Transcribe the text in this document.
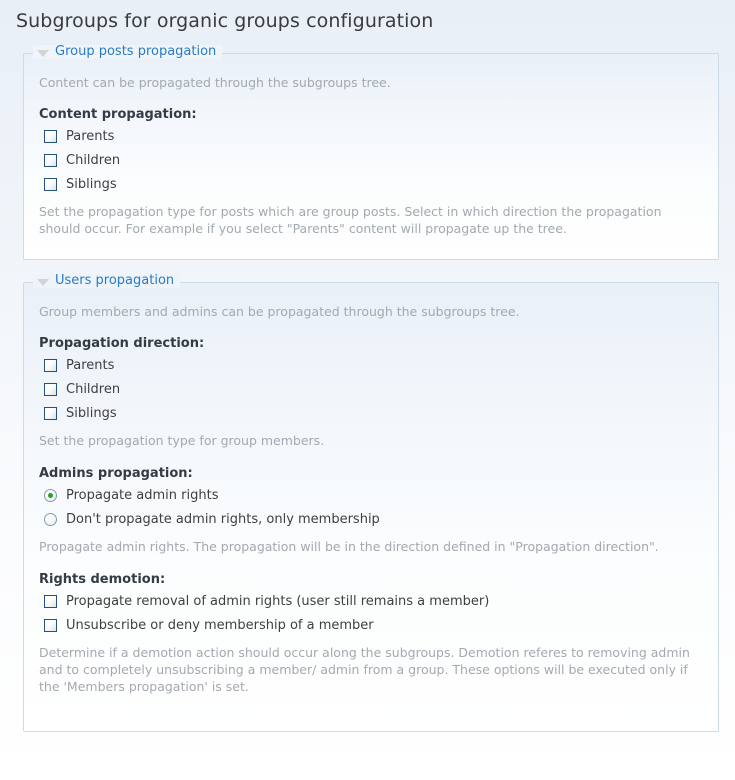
Subgroups for organic groups configuration
Group posts propagation
Content can be propagated through the subgroups tree.
Content propagation:
Parents
Children
Siblings
Set the propagation type for posts which are group posts. Select in which direction the propagation should occur. For example if you select "Parents" content will propagate up the tree.
Users propagation
Group members and admins can be propagated through the subgroups tree.
Propagation direction:
Parents
Children
Siblings
Set the propagation type for group members.
Admins propagation:
Propagate admin rights
Don't propagate admin rights, only membership
Propagate admin rights. The propagation will be in the direction defined in "Propagation direction".
Rights demotion:
Propagate removal of admin rights (user still remains a member)
Unsubscribe or deny membership of a member
Determine if a demotion action should occur along the subgroups. Demotion referes to removing admin and to completely unsubscribing a member/ admin from a group. These options will be executed only if the 'Members propagation' is set.
